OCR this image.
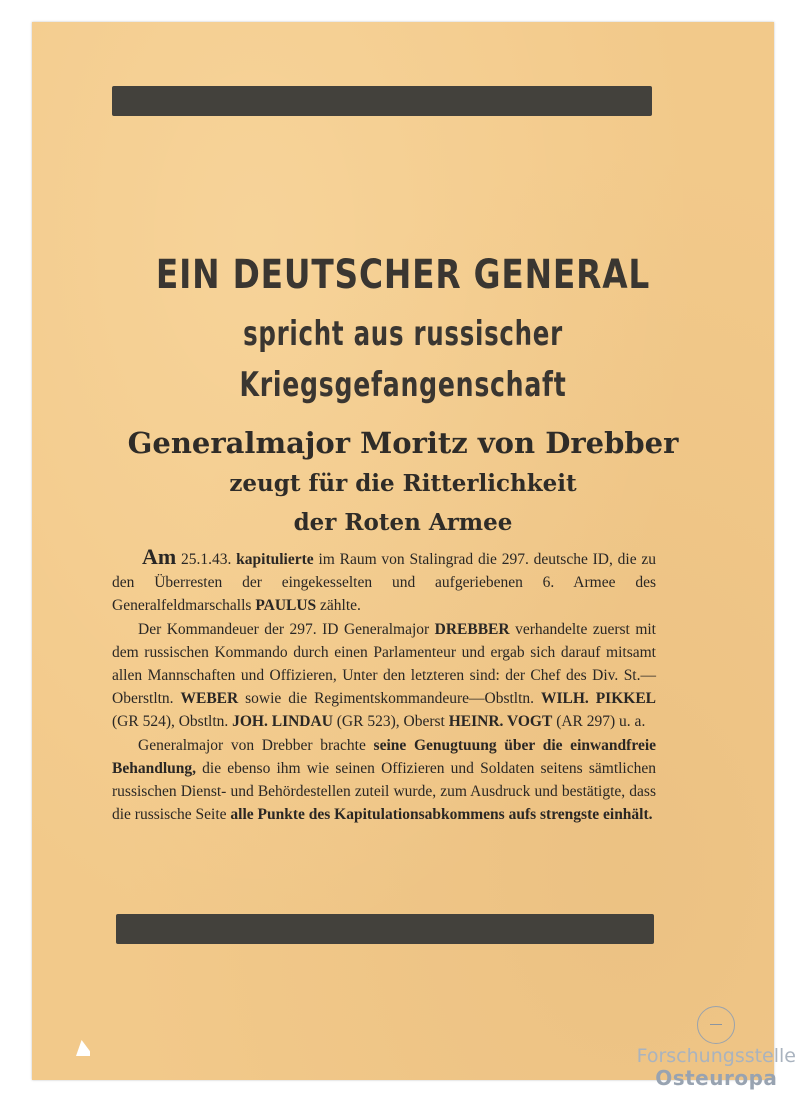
EIN DEUTSCHER GENERAL
spricht aus russischer
Kriegsgefangenschaft
Generalmajor Moritz von Drebber
zeugt für die Ritterlichkeit
der Roten Armee

Am 25.1.43. kapitulierte im Raum von Stalingrad die 297. deutsche ID, die zu den Überresten der eingekesselten und aufgeriebenen 6. Armee des Generalfeldmarschalls PAULUS zählte.

Der Kommandeuer der 297. ID Generalmajor DREBBER verhandelte zuerst mit dem russischen Kommando durch einen Parlamenteur und ergab sich darauf mitsamt allen Mannschaften und Offizieren, Unter den letzteren sind: der Chef des Div. St.—Oberstltn. WEBER sowie die Regimentskommandeure—Obstltn. WILH. PIKKEL (GR 524), Obstltn. JOH. LINDAU (GR 523), Oberst HEINR. VOGT (AR 297) u. a.

Generalmajor von Drebber brachte seine Genugtuung über die einwandfreie Behandlung, die ebenso ihm wie seinen Offizieren und Soldaten seitens sämtlichen russischen Dienst- und Behördestellen zuteil wurde, zum Ausdruck und bestätigte, dass die russische Seite alle Punkte des Kapitulationsabkommens aufs strengste einhält.

Forschungsstelle
Osteuropa
